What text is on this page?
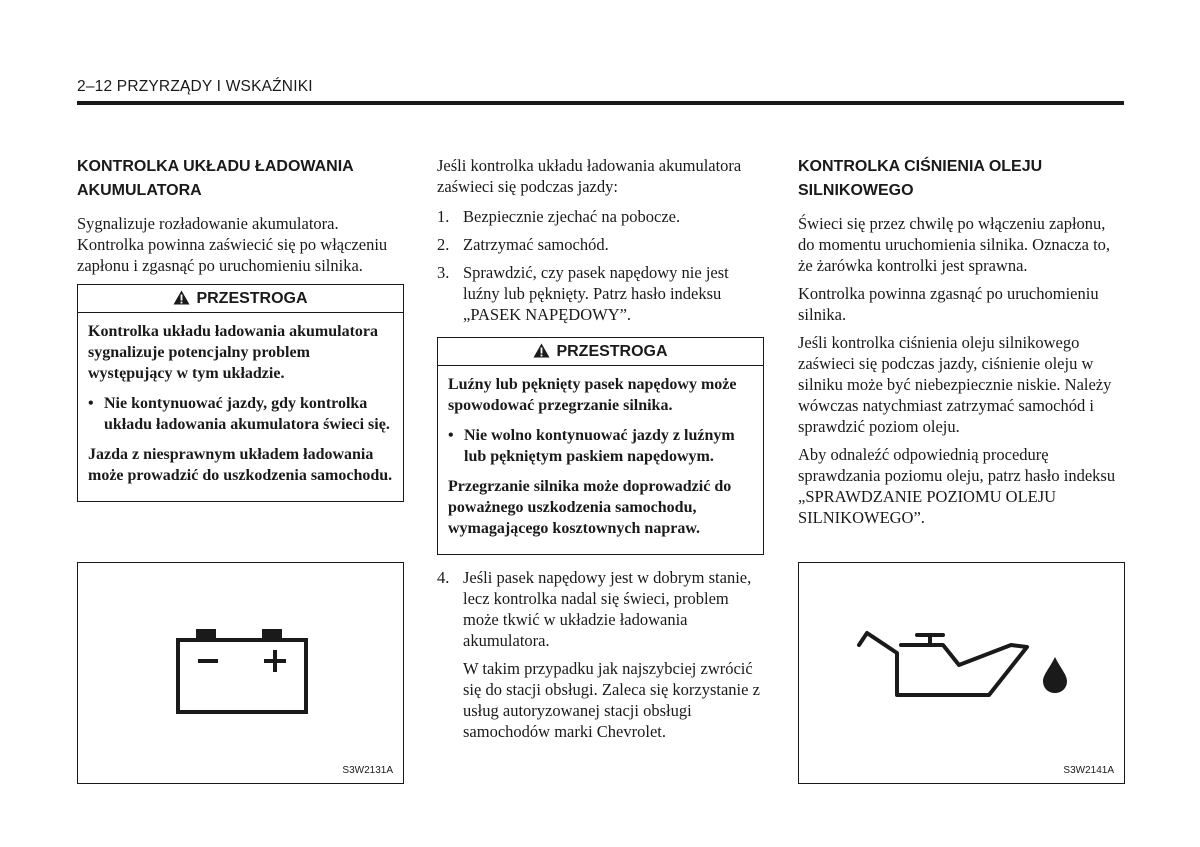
2–12 PRZYRZĄDY I WSKAŹNIKI
KONTROLKA UKŁADU ŁADOWANIA AKUMULATORA

Sygnalizuje rozładowanie akumulatora. Kontrolka powinna zaświecić się po włączeniu zapłonu i zgasnąć po uruchomieniu silnika.

PRZESTROGA

Kontrolka układu ładowania akumulatora sygnalizuje potencjalny problem występujący w tym układzie.

• Nie kontynuować jazdy, gdy kontrolka układu ładowania akumulatora świeci się.

Jazda z niesprawnym układem ładowania może prowadzić do uszkodzenia samochodu.

S3W2131A

Jeśli kontrolka układu ładowania akumulatora zaświeci się podczas jazdy:

1. Bezpiecznie zjechać na pobocze.
2. Zatrzymać samochód.
3. Sprawdzić, czy pasek napędowy nie jest luźny lub pęknięty. Patrz hasło indeksu „PASEK NAPĘDOWY”.
PRZESTROGA

Luźny lub pęknięty pasek napędowy może spowodować przegrzanie silnika.

• Nie wolno kontynuować jazdy z luźnym lub pękniętym paskiem napędowym.

Przegrzanie silnika może doprowadzić do poważnego uszkodzenia samochodu, wymagającego kosztownych napraw.

4. Jeśli pasek napędowy jest w dobrym stanie, lecz kontrolka nadal się świeci, problem może tkwić w układzie ładowania akumulatora.

W takim przypadku jak najszybciej zwrócić się do stacji obsługi. Zaleca się korzystanie z usług autoryzowanej stacji obsługi samochodów marki Chevrolet.

KONTROLKA CIŚNIENIA OLEJU SILNIKOWEGO

Świeci się przez chwilę po włączeniu zapłonu, do momentu uruchomienia silnika. Oznacza to, że żarówka kontrolki jest sprawna.

Kontrolka powinna zgasnąć po uruchomieniu silnika.

Jeśli kontrolka ciśnienia oleju silnikowego zaświeci się podczas jazdy, ciśnienie oleju w silniku może być niebezpiecznie niskie. Należy wówczas natychmiast zatrzymać samochód i sprawdzić poziom oleju.

Aby odnaleźć odpowiednią procedurę sprawdzania poziomu oleju, patrz hasło indeksu „SPRAWDZANIE POZIOMU OLEJU SILNIKOWEGO”.

S3W2141A
